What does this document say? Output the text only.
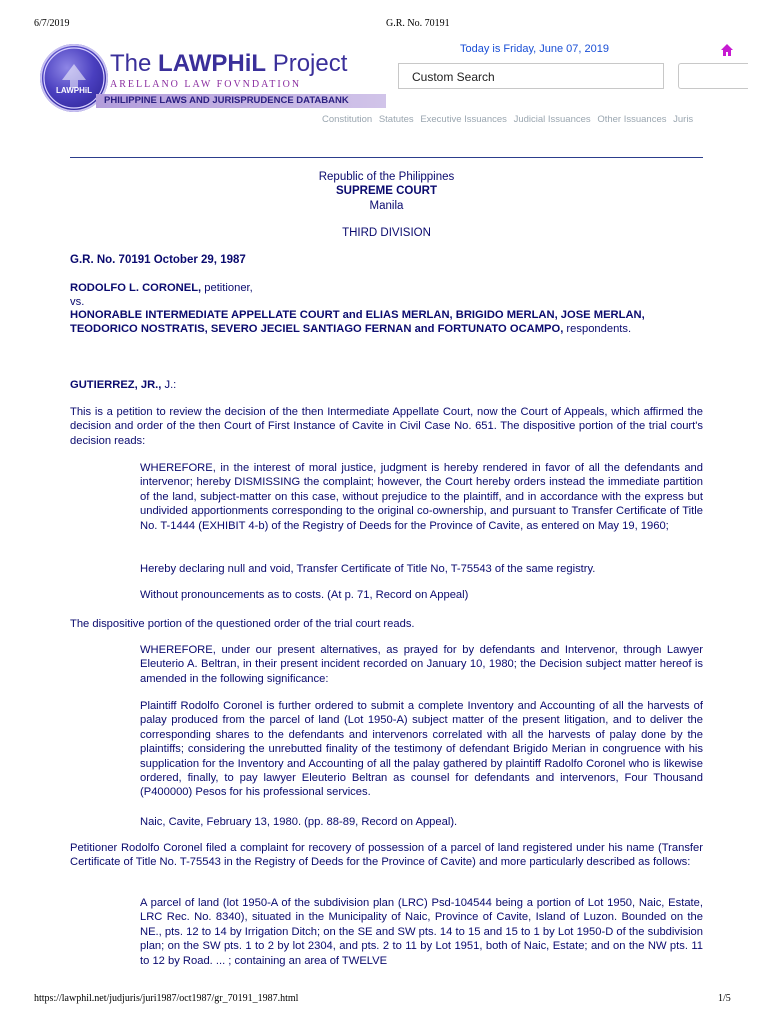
6/7/2019	G.R. No. 70191
LAWPHiL
The LAWPHiL Project
ARELLANO LAW FOVNDATION
PHILIPPINE LAWS AND JURISPRUDENCE DATABANK
Today is Friday, June 07, 2019
Custom Search
Constitution Statutes Executive Issuances Judicial Issuances Other Issuances Juris
Republic of the Philippines
SUPREME COURT
Manila
THIRD DIVISION
G.R. No. 70191 October 29, 1987
RODOLFO L. CORONEL, petitioner,
vs.
HONORABLE INTERMEDIATE APPELLATE COURT and ELIAS MERLAN, BRIGIDO MERLAN, JOSE MERLAN, TEODORICO NOSTRATIS, SEVERO JECIEL SANTIAGO FERNAN and FORTUNATO OCAMPO, respondents.
GUTIERREZ, JR., J.:
This is a petition to review the decision of the then Intermediate Appellate Court, now the Court of Appeals, which affirmed the decision and order of the then Court of First Instance of Cavite in Civil Case No. 651. The dispositive portion of the trial court's decision reads:
WHEREFORE, in the interest of moral justice, judgment is hereby rendered in favor of all the defendants and intervenor; hereby DISMISSING the complaint; however, the Court hereby orders instead the immediate partition of the land, subject-matter on this case, without prejudice to the plaintiff, and in accordance with the express but undivided apportionments corresponding to the original co-ownership, and pursuant to Transfer Certificate of Title No. T-1444 (EXHIBIT 4-b) of the Registry of Deeds for the Province of Cavite, as entered on May 19, 1960;
Hereby declaring null and void, Transfer Certificate of Title No, T-75543 of the same registry.
Without pronouncements as to costs. (At p. 71, Record on Appeal)
The dispositive portion of the questioned order of the trial court reads.
WHEREFORE, under our present alternatives, as prayed for by defendants and Intervenor, through Lawyer Eleuterio A. Beltran, in their present incident recorded on January 10, 1980; the Decision subject matter hereof is amended in the following significance:
Plaintiff Rodolfo Coronel is further ordered to submit a complete Inventory and Accounting of all the harvests of palay produced from the parcel of land (Lot 1950-A) subject matter of the present litigation, and to deliver the corresponding shares to the defendants and intervenors correlated with all the harvests of palay done by the plaintiffs; considering the unrebutted finality of the testimony of defendant Brigido Merian in congruence with his supplication for the Inventory and Accounting of all the palay gathered by plaintiff Radolfo Coronel who is likewise ordered, finally, to pay lawyer Eleuterio Beltran as counsel for defendants and intervenors, Four Thousand (P400000) Pesos for his professional services.
Naic, Cavite, February 13, 1980. (pp. 88-89, Record on Appeal).
Petitioner Rodolfo Coronel filed a complaint for recovery of possession of a parcel of land registered under his name (Transfer Certificate of Title No. T-75543 in the Registry of Deeds for the Province of Cavite) and more particularly described as follows:
A parcel of land (lot 1950-A of the subdivision plan (LRC) Psd-104544 being a portion of Lot 1950, Naic, Estate, LRC Rec. No. 8340), situated in the Municipality of Naic, Province of Cavite, Island of Luzon. Bounded on the NE., pts. 12 to 14 by Irrigation Ditch; on the SE and SW pts. 14 to 15 and 15 to 1 by Lot 1950-D of the subdivision plan; on the SW pts. 1 to 2 by lot 2304, and pts. 2 to 11 by Lot 1951, both of Naic, Estate; and on the NW pts. 11 to 12 by Road. ... ; containing an area of TWELVE
https://lawphil.net/judjuris/juri1987/oct1987/gr_70191_1987.html	1/5
